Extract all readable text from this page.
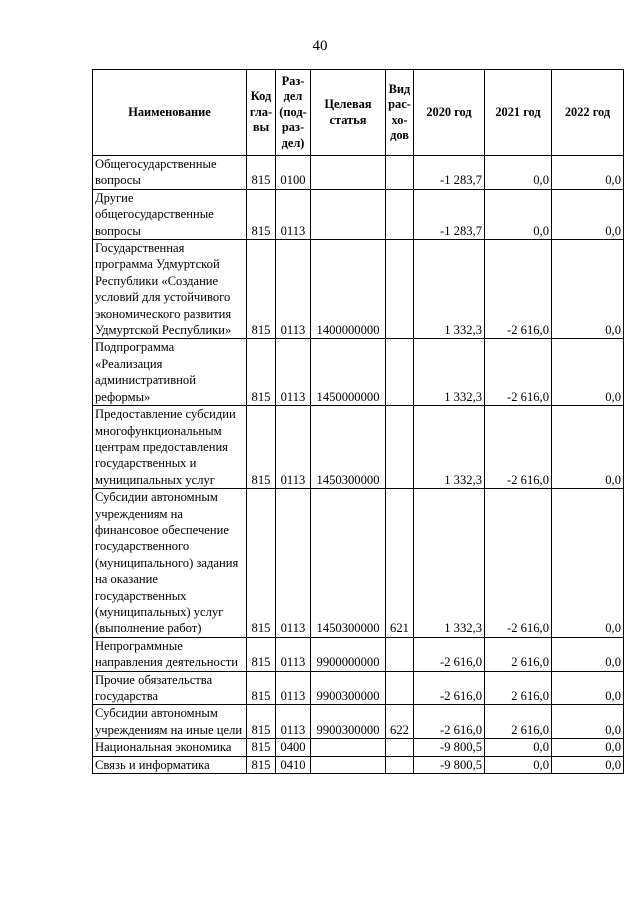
40
Наименование	Код гла-вы	Раз-дел (под-раз-дел)	Целевая статья	Вид рас-хо-дов	2020 год	2021 год	2022 год
Общегосударственные вопросы	815	0100			-1 283,7	0,0	0,0
Другие общегосударственные вопросы	815	0113			-1 283,7	0,0	0,0
Государственная программа Удмуртской Республики «Создание условий для устойчивого экономического развития Удмуртской Республики»	815	0113	1400000000		1 332,3	-2 616,0	0,0
Подпрограмма «Реализация административной реформы»	815	0113	1450000000		1 332,3	-2 616,0	0,0
Предоставление субсидии многофункциональным центрам предоставления государственных и муниципальных услуг	815	0113	1450300000		1 332,3	-2 616,0	0,0
Субсидии автономным учреждениям на финансовое обеспечение государственного (муниципального) задания на оказание государственных (муниципальных) услуг (выполнение работ)	815	0113	1450300000	621	1 332,3	-2 616,0	0,0
Непрограммные направления деятельности	815	0113	9900000000		-2 616,0	2 616,0	0,0
Прочие обязательства государства	815	0113	9900300000		-2 616,0	2 616,0	0,0
Субсидии автономным учреждениям на иные цели	815	0113	9900300000	622	-2 616,0	2 616,0	0,0
Национальная экономика	815	0400			-9 800,5	0,0	0,0
Связь и информатика	815	0410			-9 800,5	0,0	0,0
